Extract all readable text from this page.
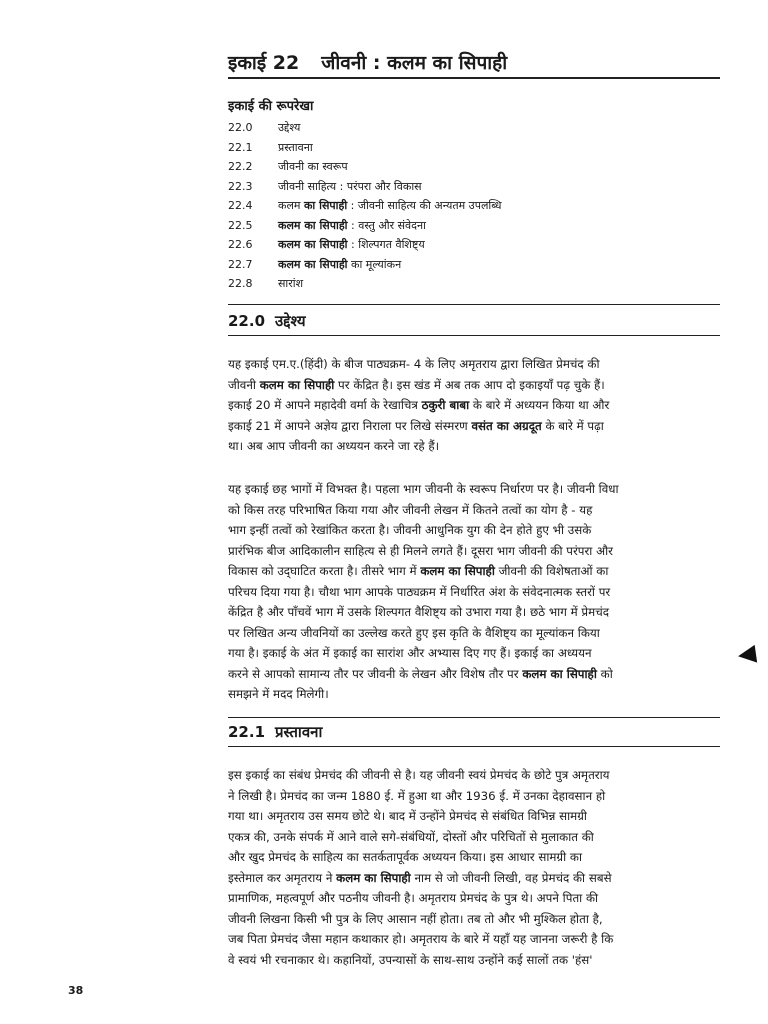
इकाई 22 जीवनी : कलम का सिपाही
इकाई की रूपरेखा
22.0 उद्देश्य
22.1 प्रस्तावना
22.2 जीवनी का स्वरूप
22.3 जीवनी साहित्य : परंपरा और विकास
22.4 कलम का सिपाही : जीवनी साहित्य की अन्यतम उपलब्धि
22.5 कलम का सिपाही : वस्तु और संवेदना
22.6 कलम का सिपाही : शिल्पगत वैशिष्ट्य
22.7 कलम का सिपाही का मूल्यांकन
22.8 सारांश
22.0 उद्देश्य
यह इकाई एम.ए.(हिंदी) के बीज पाठ्यक्रम- 4 के लिए अमृतराय द्वारा लिखित प्रेमचंद की
जीवनी कलम का सिपाही पर केंद्रित है। इस खंड में अब तक आप दो इकाइयाँ पढ़ चुके हैं।
इकाई 20 में आपने महादेवी वर्मा के रेखाचित्र ठकुरी बाबा के बारे में अध्ययन किया था और
इकाई 21 में आपने अज्ञेय द्वारा निराला पर लिखे संस्मरण वसंत का अग्रदूत के बारे में पढ़ा
था। अब आप जीवनी का अध्ययन करने जा रहे हैं।
यह इकाई छह भागों में विभक्त है। पहला भाग जीवनी के स्वरूप निर्धारण पर है। जीवनी विधा
को किस तरह परिभाषित किया गया और जीवनी लेखन में कितने तत्वों का योग है - यह
भाग इन्हीं तत्वों को रेखांकित करता है। जीवनी आधुनिक युग की देन होते हुए भी उसके
प्रारंभिक बीज आदिकालीन साहित्य से ही मिलने लगते हैं। दूसरा भाग जीवनी की परंपरा और
विकास को उद्‌घाटित करता है। तीसरे भाग में कलम का सिपाही जीवनी की विशेषताओं का
परिचय दिया गया है। चौथा भाग आपके पाठ्यक्रम में निर्धारित अंश के संवेदनात्मक स्तरों पर
केंद्रित है और पाँचवें भाग में उसके शिल्पगत वैशिष्ट्य को उभारा गया है। छठे भाग में प्रेमचंद
पर लिखित अन्य जीवनियों का उल्लेख करते हुए इस कृति के वैशिष्ट्य का मूल्यांकन किया
गया है। इकाई के अंत में इकाई का सारांश और अभ्यास दिए गए हैं। इकाई का अध्ययन
करने से आपको सामान्य तौर पर जीवनी के लेखन और विशेष तौर पर कलम का सिपाही को
समझने में मदद मिलेगी।
22.1 प्रस्तावना
इस इकाई का संबंध प्रेमचंद की जीवनी से है। यह जीवनी स्वयं प्रेमचंद के छोटे पुत्र अमृतराय
ने लिखी है। प्रेमचंद का जन्म 1880 ई. में हुआ था और 1936 ई. में उनका देहावसान हो
गया था। अमृतराय उस समय छोटे थे। बाद में उन्होंने प्रेमचंद से संबंधित विभिन्न सामग्री
एकत्र की, उनके संपर्क में आने वाले सगे-संबंधियों, दोस्तों और परिचितों से मुलाकात की
और खुद प्रेमचंद के साहित्य का सतर्कतापूर्वक अध्ययन किया। इस आधार सामग्री का
इस्तेमाल कर अमृतराय ने कलम का सिपाही नाम से जो जीवनी लिखी, वह प्रेमचंद की सबसे
प्रामाणिक, महत्वपूर्ण और पठनीय जीवनी है। अमृतराय प्रेमचंद के पुत्र थे। अपने पिता की
जीवनी लिखना किसी भी पुत्र के लिए आसान नहीं होता। तब तो और भी मुश्किल होता है,
जब पिता प्रेमचंद जैसा महान कथाकार हो। अमृतराय के बारे में यहाँ यह जानना जरूरी है कि
वे स्वयं भी रचनाकार थे। कहानियों, उपन्यासों के साथ-साथ उन्होंने कई सालों तक 'हंस'
38
